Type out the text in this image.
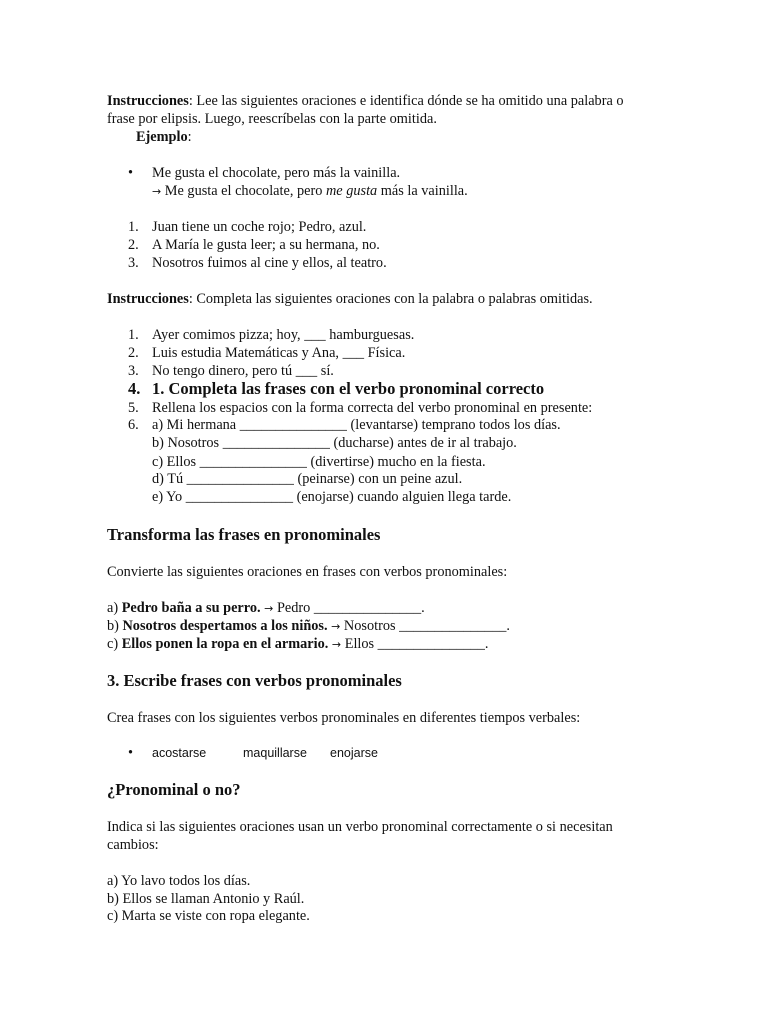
Instrucciones: Lee las siguientes oraciones e identifica dónde se ha omitido una palabra o
frase por elipsis. Luego, reescríbelas con la parte omitida.
Ejemplo:
• Me gusta el chocolate, pero más la vainilla.
→ Me gusta el chocolate, pero me gusta más la vainilla.
1. Juan tiene un coche rojo; Pedro, azul.
2. A María le gusta leer; a su hermana, no.
3. Nosotros fuimos al cine y ellos, al teatro.
Instrucciones: Completa las siguientes oraciones con la palabra o palabras omitidas.
1. Ayer comimos pizza; hoy, ___ hamburguesas.
2. Luis estudia Matemáticas y Ana, ___ Física.
3. No tengo dinero, pero tú ___ sí.
4. 1. Completa las frases con el verbo pronominal correcto
5. Rellena los espacios con la forma correcta del verbo pronominal en presente:
6. a) Mi hermana _______________ (levantarse) temprano todos los días.
b) Nosotros _______________ (ducharse) antes de ir al trabajo.
c) Ellos _______________ (divertirse) mucho en la fiesta.
d) Tú _______________ (peinarse) con un peine azul.
e) Yo _______________ (enojarse) cuando alguien llega tarde.
Transforma las frases en pronominales
Convierte las siguientes oraciones en frases con verbos pronominales:
a) Pedro baña a su perro. → Pedro _______________.
b) Nosotros despertamos a los niños. → Nosotros _______________.
c) Ellos ponen la ropa en el armario. → Ellos _______________.
3. Escribe frases con verbos pronominales
Crea frases con los siguientes verbos pronominales en diferentes tiempos verbales:
• acostarse	maquillarse enojarse
¿Pronominal o no?
Indica si las siguientes oraciones usan un verbo pronominal correctamente o si necesitan
cambios:
a) Yo lavo todos los días.
b) Ellos se llaman Antonio y Raúl.
c) Marta se viste con ropa elegante.
